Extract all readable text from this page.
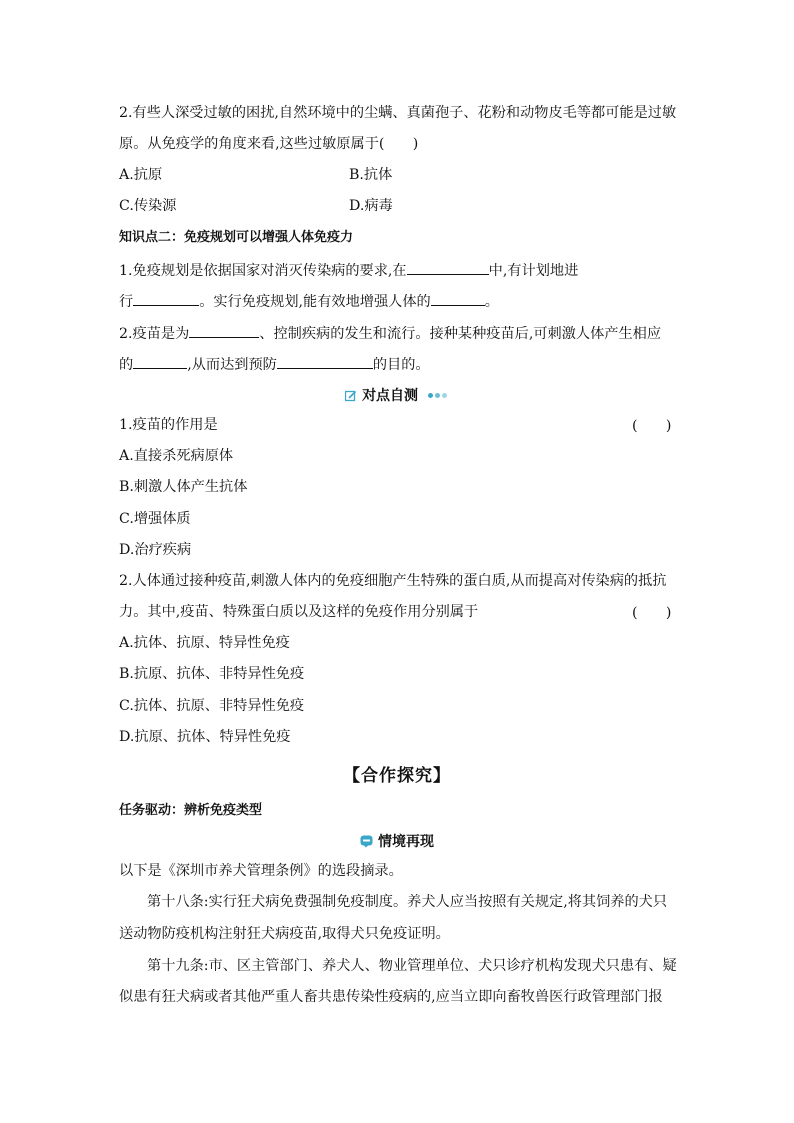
2.有些人深受过敏的困扰,自然环境中的尘螨、真菌孢子、花粉和动物皮毛等都可能是过敏
原。从免疫学的角度来看,这些过敏原属于(　　)
A.抗原	B.抗体
C.传染源	D.病毒
知识点二：免疫规划可以增强人体免疫力
1.免疫规划是依据国家对消灭传染病的要求,在	中,有计划地进
行	。实行免疫规划,能有效地增强人体的	。
2.疫苗是为	、控制疾病的发生和流行。接种某种疫苗后,可刺激人体产生相应
的	,从而达到预防	的目的。
对点自测
1.疫苗的作用是	(　　)
A.直接杀死病原体
B.刺激人体产生抗体
C.增强体质
D.治疗疾病
2.人体通过接种疫苗,刺激人体内的免疫细胞产生特殊的蛋白质,从而提高对传染病的抵抗
力。其中,疫苗、特殊蛋白质以及这样的免疫作用分别属于	(　　)
A.抗体、抗原、特异性免疫
B.抗原、抗体、非特异性免疫
C.抗体、抗原、非特异性免疫
D.抗原、抗体、特异性免疫
【合作探究】
任务驱动：辨析免疫类型
情境再现
以下是《深圳市养犬管理条例》的选段摘录。
第十八条:实行狂犬病免费强制免疫制度。养犬人应当按照有关规定,将其饲养的犬只
送动物防疫机构注射狂犬病疫苗,取得犬只免疫证明。
第十九条:市、区主管部门、养犬人、物业管理单位、犬只诊疗机构发现犬只患有、疑
似患有狂犬病或者其他严重人畜共患传染性疫病的,应当立即向畜牧兽医行政管理部门报
